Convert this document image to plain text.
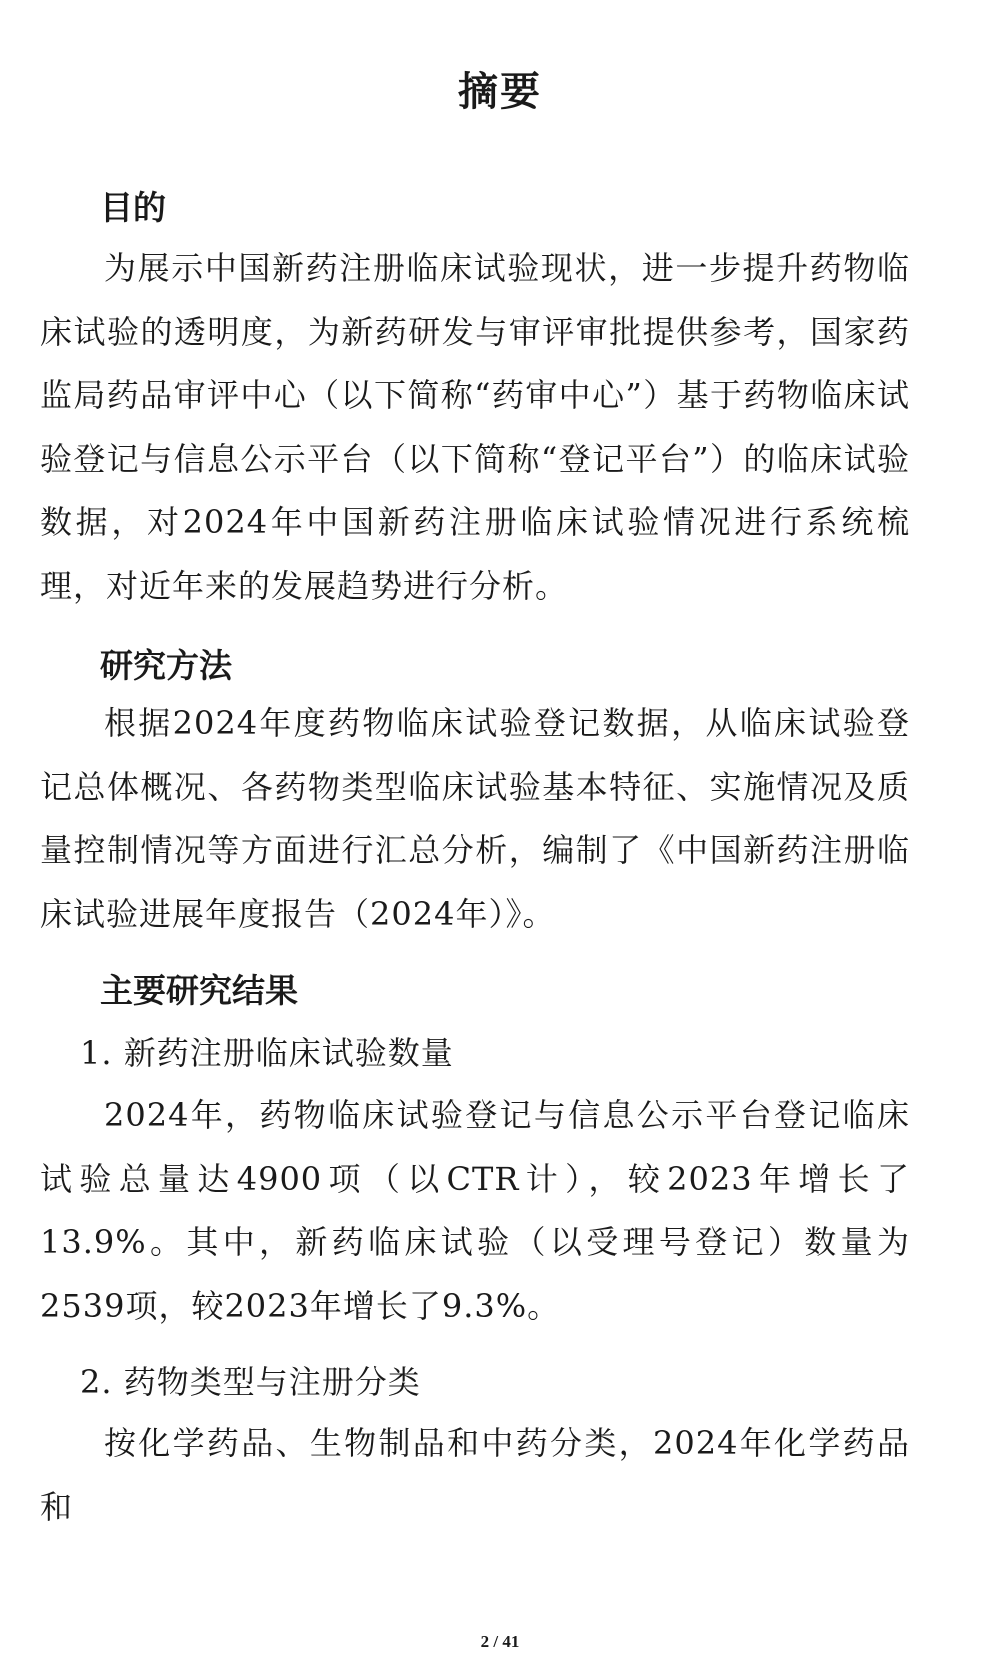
摘要
目的

为展示中国新药注册临床试验现状，进一步提升药物临床试验的透明度，为新药研发与审评审批提供参考，国家药监局药品审评中心（以下简称“药审中心”）基于药物临床试验登记与信息公示平台（以下简称“登记平台”）的临床试验数据，对2024年中国新药注册临床试验情况进行系统梳理，对近年来的发展趋势进行分析。

研究方法

根据2024年度药物临床试验登记数据，从临床试验登记总体概况、各药物类型临床试验基本特征、实施情况及质量控制情况等方面进行汇总分析，编制了《中国新药注册临床试验进展年度报告（2024年）》。

主要研究结果
1. 新药注册临床试验数量

2024年，药物临床试验登记与信息公示平台登记临床试验总量达4900项（以CTR计），较2023年增长了13.9%。其中，新药临床试验（以受理号登记）数量为2539项，较2023年增长了9.3%。

2. 药物类型与注册分类

按化学药品、生物制品和中药分类，2024年化学药品和

2 / 41
